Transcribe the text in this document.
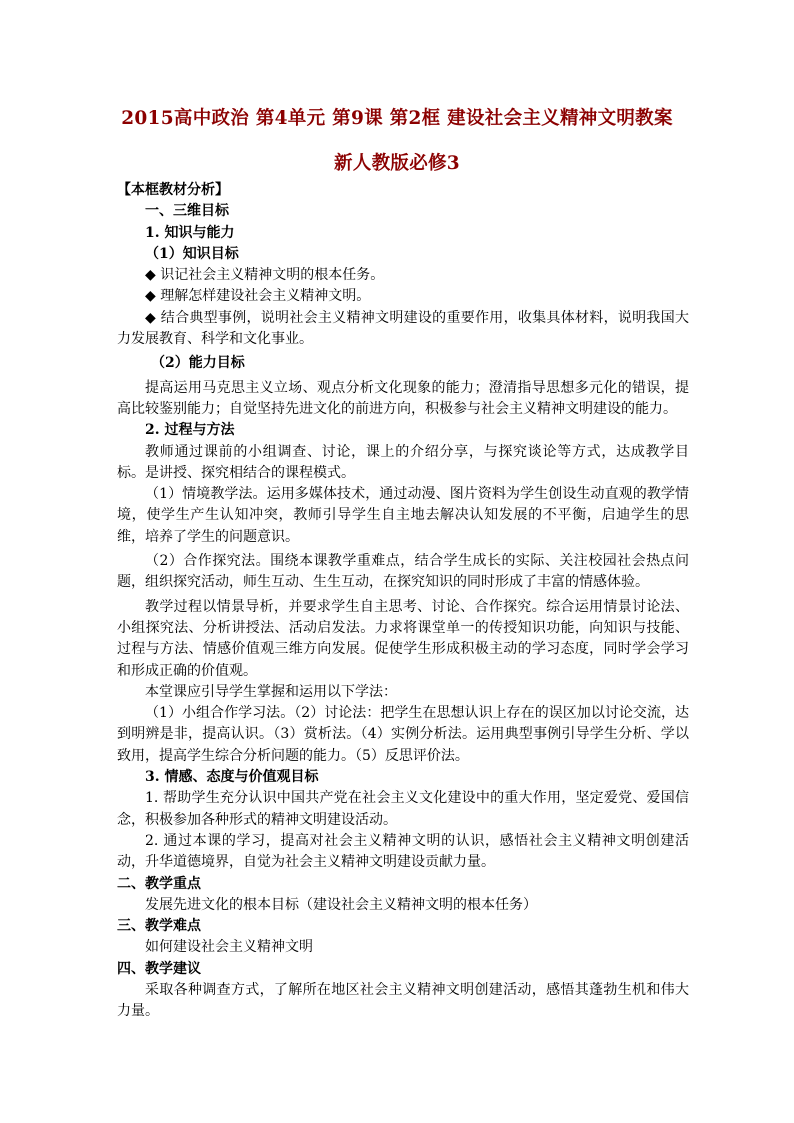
2015高中政治 第4单元 第9课 第2框 建设社会主义精神文明教案
新人教版必修3

【本框教材分析】

一、三维目标

1. 知识与能力

（1）知识目标

◆ 识记社会主义精神文明的根本任务。

◆ 理解怎样建设社会主义精神文明。

◆ 结合典型事例，说明社会主义精神文明建设的重要作用，收集具体材料，说明我国大力发展教育、科学和文化事业。

（2）能力目标

提高运用马克思主义立场、观点分析文化现象的能力；澄清指导思想多元化的错误，提高比较鉴别能力；自觉坚持先进文化的前进方向，积极参与社会主义精神文明建设的能力。

2. 过程与方法

教师通过课前的小组调查、讨论，课上的介绍分享，与探究谈论等方式，达成教学目标。是讲授、探究相结合的课程模式。

（1）情境教学法。运用多媒体技术，通过动漫、图片资料为学生创设生动直观的教学情境，使学生产生认知冲突，教师引导学生自主地去解决认知发展的不平衡，启迪学生的思维，培养了学生的问题意识。

（2）合作探究法。围绕本课教学重难点，结合学生成长的实际、关注校园社会热点问题，组织探究活动，师生互动、生生互动，在探究知识的同时形成了丰富的情感体验。

教学过程以情景导析，并要求学生自主思考、讨论、合作探究。综合运用情景讨论法、小组探究法、分析讲授法、活动启发法。力求将课堂单一的传授知识功能，向知识与技能、过程与方法、情感价值观三维方向发展。促使学生形成积极主动的学习态度，同时学会学习和形成正确的价值观。

本堂课应引导学生掌握和运用以下学法：

（1）小组合作学习法。（2）讨论法：把学生在思想认识上存在的误区加以讨论交流，达到明辨是非，提高认识。（3）赏析法。（4）实例分析法。运用典型事例引导学生分析、学以致用，提高学生综合分析问题的能力。（5）反思评价法。

3. 情感、态度与价值观目标

1. 帮助学生充分认识中国共产党在社会主义文化建设中的重大作用，坚定爱党、爱国信念，积极参加各种形式的精神文明建设活动。

2. 通过本课的学习，提高对社会主义精神文明的认识，感悟社会主义精神文明创建活动，升华道德境界，自觉为社会主义精神文明建设贡献力量。

二、教学重点

发展先进文化的根本目标（建设社会主义精神文明的根本任务）

三、教学难点

如何建设社会主义精神文明

四、教学建议

采取各种调查方式，了解所在地区社会主义精神文明创建活动，感悟其蓬勃生机和伟大力量。
